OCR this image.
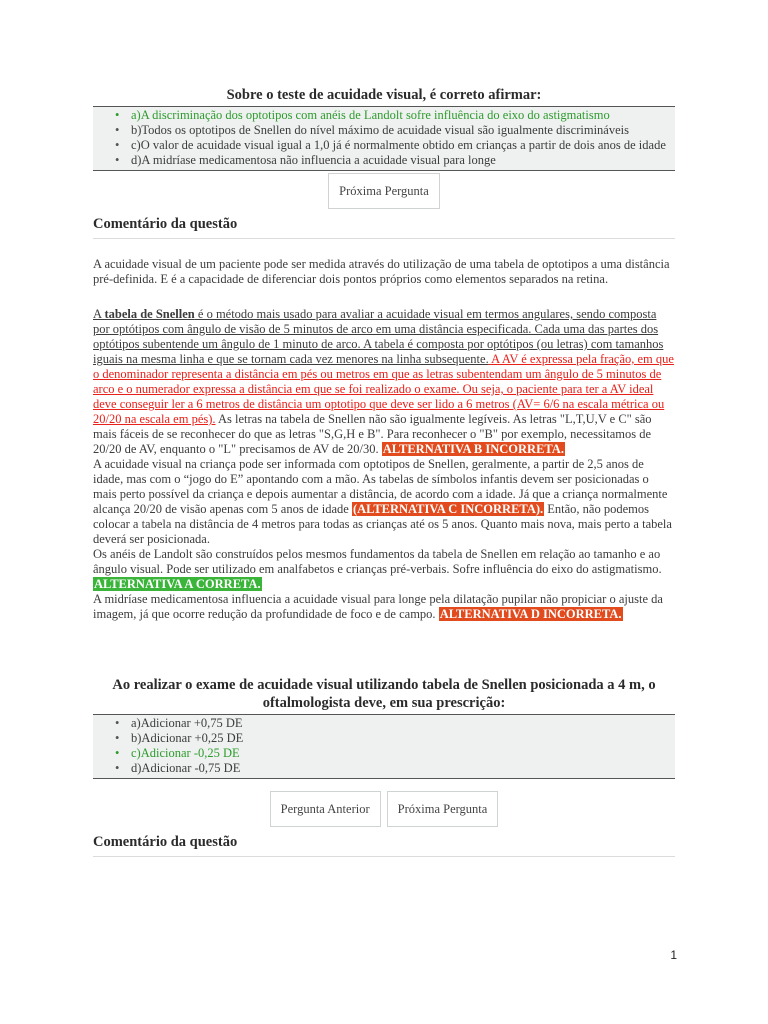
Sobre o teste de acuidade visual, é correto afirmar:
• a)A discriminação dos optotipos com anéis de Landolt sofre influência do eixo do astigmatismo
• b)Todos os optotipos de Snellen do nível máximo de acuidade visual são igualmente discrimináveis
• c)O valor de acuidade visual igual a 1,0 já é normalmente obtido em crianças a partir de dois anos de idade
• d)A midríase medicamentosa não influencia a acuidade visual para longe
Próxima Pergunta
Comentário da questão

A acuidade visual de um paciente pode ser medida através do utilização de uma tabela de optotipos a uma distância pré-definida. E é a capacidade de diferenciar dois pontos próprios como elementos separados na retina.

A tabela de Snellen é o método mais usado para avaliar a acuidade visual em termos angulares, sendo composta por optótipos com ângulo de visão de 5 minutos de arco em uma distância especificada. Cada uma das partes dos optótipos subentende um ângulo de 1 minuto de arco. A tabela é composta por optótipos (ou letras) com tamanhos iguais na mesma linha e que se tornam cada vez menores na linha subsequente. A AV é expressa pela fração, em que o denominador representa a distância em pés ou metros em que as letras subentendam um ângulo de 5 minutos de arco e o numerador expressa a distância em que se foi realizado o exame. Ou seja, o paciente para ter a AV ideal deve conseguir ler a 6 metros de distância um optotipo que deve ser lido a 6 metros (AV= 6/6 na escala métrica ou 20/20 na escala em pés). As letras na tabela de Snellen não são igualmente legíveis. As letras "L,T,U,V e C" são mais fáceis de se reconhecer do que as letras "S,G,H e B". Para reconhecer o "B" por exemplo, necessitamos de 20/20 de AV, enquanto o "L" precisamos de AV de 20/30. ALTERNATIVA B INCORRETA.
A acuidade visual na criança pode ser informada com optotipos de Snellen, geralmente, a partir de 2,5 anos de idade, mas com o “jogo do E” apontando com a mão. As tabelas de símbolos infantis devem ser posicionadas o mais perto possível da criança e depois aumentar a distância, de acordo com a idade. Já que a criança normalmente alcança 20/20 de visão apenas com 5 anos de idade (ALTERNATIVA C INCORRETA). Então, não podemos colocar a tabela na distância de 4 metros para todas as crianças até os 5 anos. Quanto mais nova, mais perto a tabela deverá ser posicionada.
Os anéis de Landolt são construídos pelos mesmos fundamentos da tabela de Snellen em relação ao tamanho e ao ângulo visual. Pode ser utilizado em analfabetos e crianças pré-verbais. Sofre influência do eixo do astigmatismo. ALTERNATIVA A CORRETA.
A midríase medicamentosa influencia a acuidade visual para longe pela dilatação pupilar não propiciar o ajuste da imagem, já que ocorre redução da profundidade de foco e de campo. ALTERNATIVA D INCORRETA.

Ao realizar o exame de acuidade visual utilizando tabela de Snellen posicionada a 4 m, o oftalmologista deve, em sua prescrição:
• a)Adicionar +0,75 DE
• b)Adicionar +0,25 DE
• c)Adicionar -0,25 DE
• d)Adicionar -0,75 DE
Pergunta Anterior Próxima Pergunta
Comentário da questão
1
